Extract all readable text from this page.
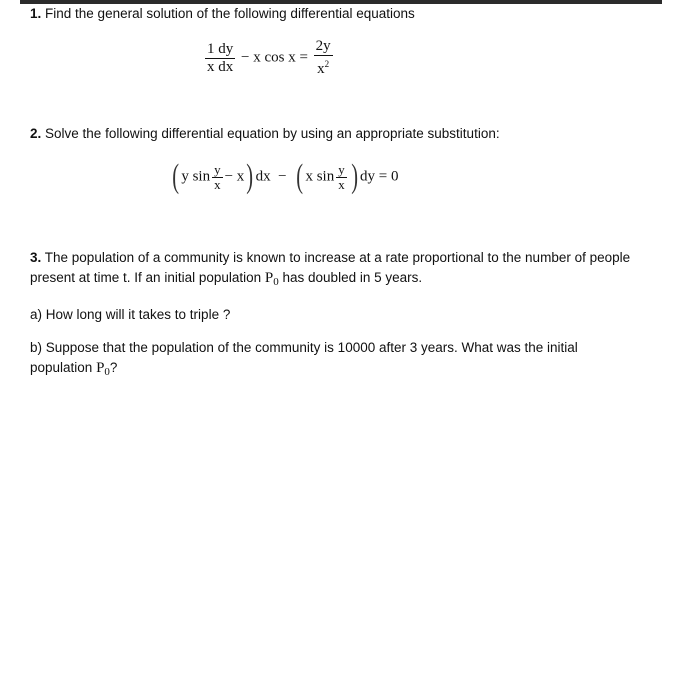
1. Find the general solution of the following differential equations
$\frac{1 dy}{\text{x dx}} - x$ $\cos x = \frac{2y}{x^2}$
2. Solve the following differential equation by using an appropriate substitution:
( y $\sin \frac{y}{x} - x$) dx − ( x $\sin \frac{y}{x}$ ) dy = 0
3. The population of a community is known to increase at a rate proportional to the number of people
present at time t. If an initial population $P_0$ has doubled in 5 years.
a) How long will it takes to triple ?
b) Suppose that the population of the community is 10000 after 3 years. What was the initial
population $P_0$?
